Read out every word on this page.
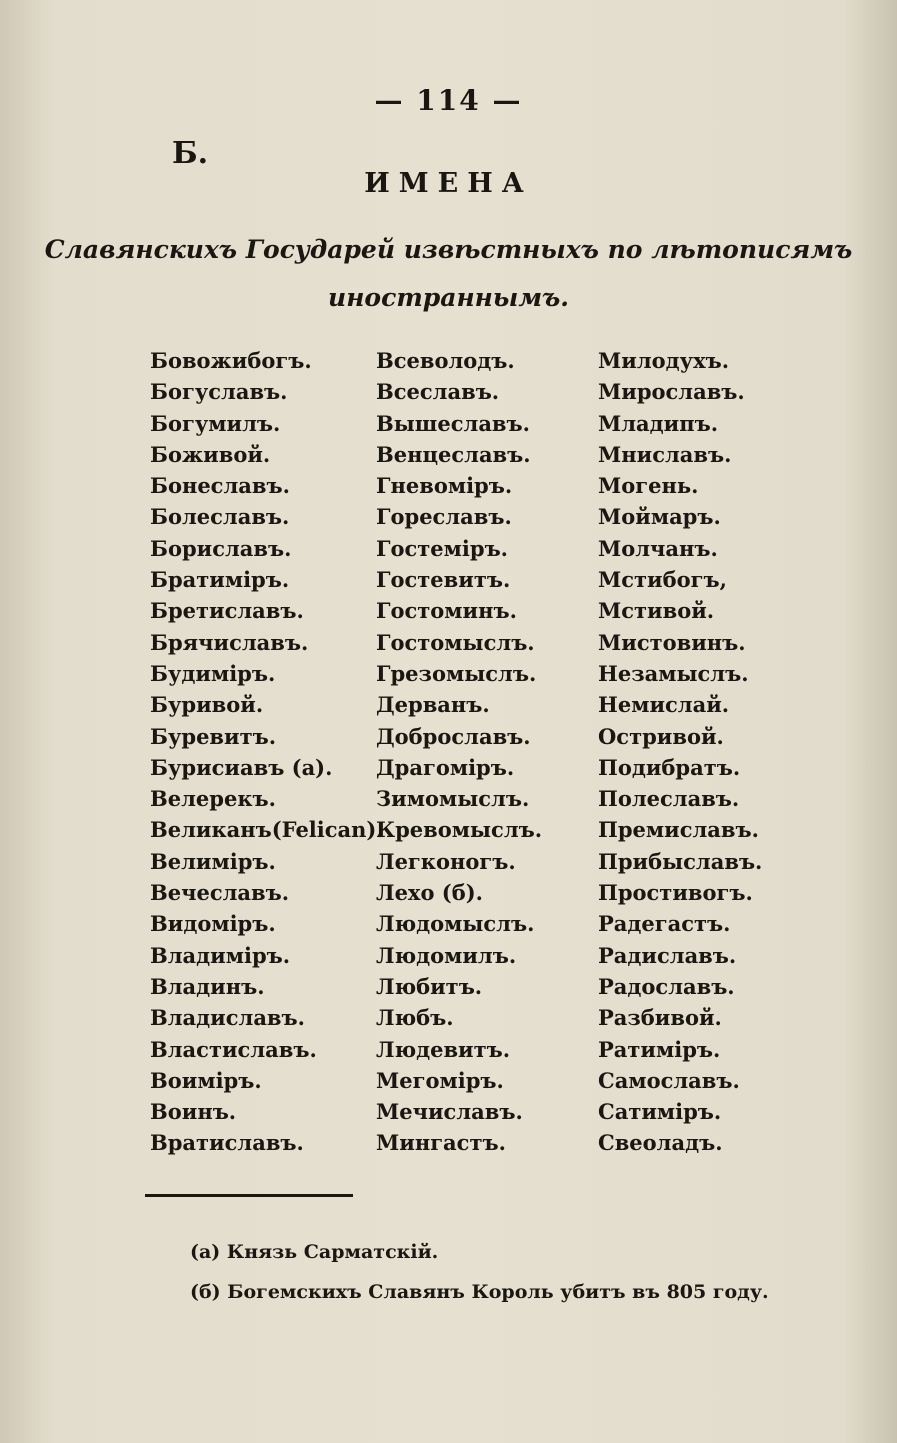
— 114 —
Б.
ИМЕНА
Славянскихъ Государей извѣстныхъ по лѣтописямъ
иностраннымъ.
Бовожибогъ.
Богуславъ.
Богумилъ.
Боживой.
Бонеславъ.
Болеславъ.
Бориславъ.
Братимiръ.
Бретиславъ.
Брячиславъ.
Будимiръ.
Буривой.
Буревитъ.
Бурисиавъ (а).
Велерекъ.
Великанъ(Felican).
Велимiръ.
Вечеславъ.
Видомiръ.
Владимiръ.
Владинъ.
Владиславъ.
Властиславъ.
Воимiръ.
Воинъ.
Вратиславъ.
Всеволодъ.
Всеславъ.
Вышеславъ.
Венцеславъ.
Гневомiръ.
Гореславъ.
Гостемiръ.
Гостевитъ.
Гостоминъ.
Гостомыслъ.
Грезомыслъ.
Дерванъ.
Доброславъ.
Драгомiръ.
Зимомыслъ.
Кревомыслъ.
Легконогъ.
Лехо (б).
Людомыслъ.
Людомилъ.
Любитъ.
Любъ.
Людевитъ.
Мегомiръ.
Мечиславъ.
Мингастъ.
Милодухъ.
Мирославъ.
Младипъ.
Мниславъ.
Могень.
Моймаръ.
Молчанъ.
Мстибогъ,
Мстивой.
Мистовинъ.
Незамыслъ.
Немислай.
Остривой.
Подибратъ.
Полеславъ.
Премиславъ.
Прибыславъ.
Простивогъ.
Радегастъ.
Радиславъ.
Радославъ.
Разбивой.
Ратимiръ.
Самославъ.
Сатимiръ.
Свеоладъ.
(а) Князь Сарматскiй.
(б) Богемскихъ Славянъ Король убитъ въ 805 году.
